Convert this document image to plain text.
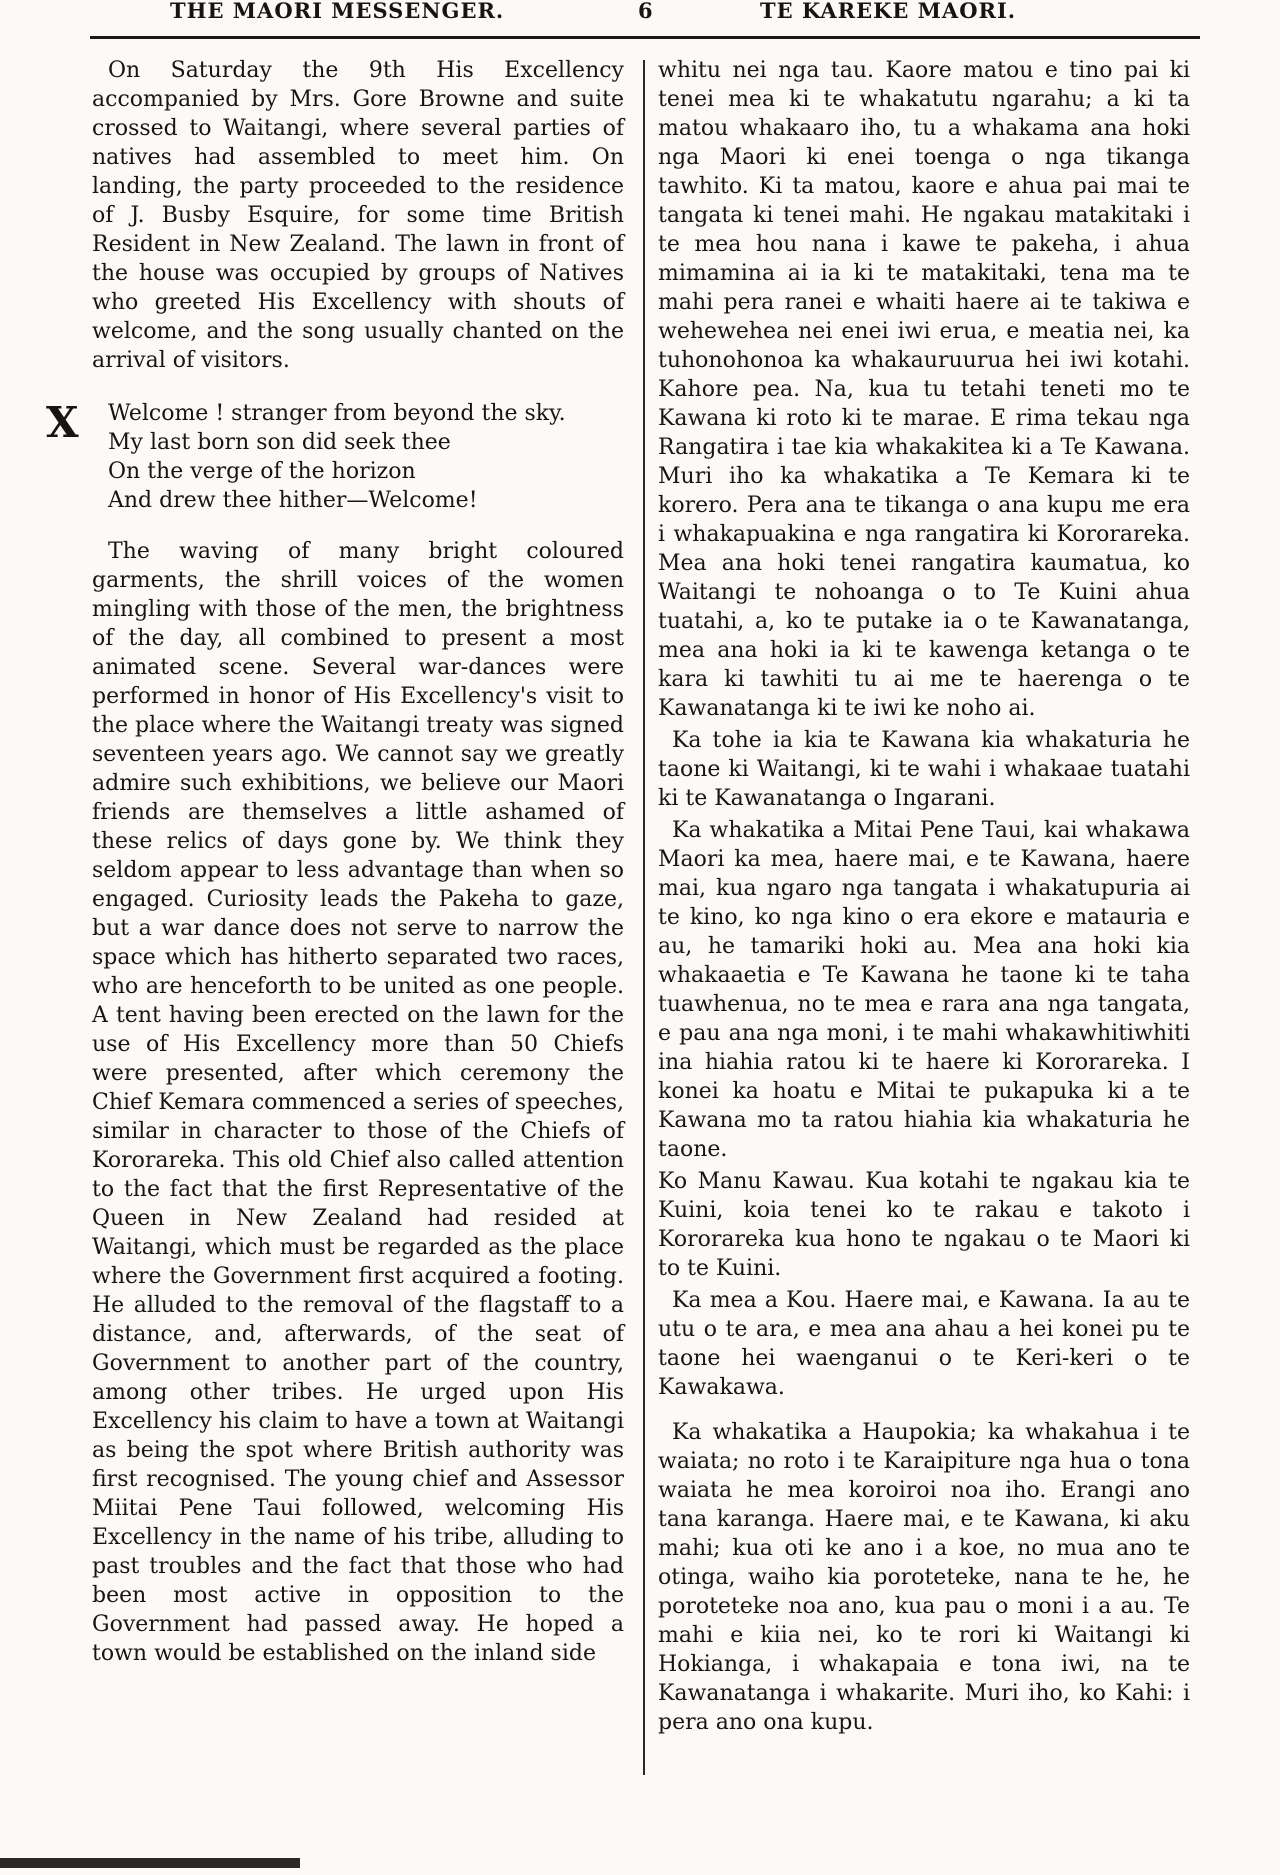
THE MAORI MESSENGER.	6	TE KAREKE MAORI.
X

On Saturday the 9th His Excellency accompanied by Mrs. Gore Browne and suite crossed to Waitangi, where several parties of natives had assembled to meet him. On landing, the party proceeded to the residence of J. Busby Esquire, for some time British Resident in New Zealand. The lawn in front of the house was occupied by groups of Natives who greeted His Excellency with shouts of welcome, and the song usually chanted on the arrival of visitors.

Welcome ! stranger from beyond the sky.
My last born son did seek thee
On the verge of the horizon
And drew thee hither—Welcome!

The waving of many bright coloured garments, the shrill voices of the women mingling with those of the men, the brightness of the day, all combined to present a most animated scene. Several war-dances were performed in honor of His Excellency's visit to the place where the Waitangi treaty was signed seventeen years ago. We cannot say we greatly admire such exhibitions, we believe our Maori friends are themselves a little ashamed of these relics of days gone by. We think they seldom appear to less advantage than when so engaged. Curiosity leads the Pakeha to gaze, but a war dance does not serve to narrow the space which has hitherto separated two races, who are henceforth to be united as one people. A tent having been erected on the lawn for the use of His Excellency more than 50 Chiefs were presented, after which ceremony the Chief Kemara commenced a series of speeches, similar in character to those of the Chiefs of Kororareka. This old Chief also called attention to the fact that the first Representative of the Queen in New Zealand had resided at Waitangi, which must be regarded as the place where the Government first acquired a footing. He alluded to the removal of the flagstaff to a distance, and, afterwards, of the seat of Government to another part of the country, among other tribes. He urged upon His Excellency his claim to have a town at Waitangi as being the spot where British authority was first recognised. The young chief and Assessor Miitai Pene Taui followed, welcoming His Excellency in the name of his tribe, alluding to past troubles and the fact that those who had been most active in opposition to the Government had passed away. He hoped a town would be established on the inland side

whitu nei nga tau. Kaore matou e tino pai ki tenei mea ki te whakatutu ngarahu; a ki ta matou whakaaro iho, tu a whakama ana hoki nga Maori ki enei toenga o nga tikanga tawhito. Ki ta matou, kaore e ahua pai mai te tangata ki tenei mahi. He ngakau matakitaki i te mea hou nana i kawe te pakeha, i ahua mimamina ai ia ki te matakitaki, tena ma te mahi pera ranei e whaiti haere ai te takiwa e wehewehea nei enei iwi erua, e meatia nei, ka tuhonohonoa ka whakauruurua hei iwi kotahi. Kahore pea. Na, kua tu tetahi teneti mo te Kawana ki roto ki te marae. E rima tekau nga Rangatira i tae kia whakakitea ki a Te Kawana. Muri iho ka whakatika a Te Kemara ki te korero. Pera ana te tikanga o ana kupu me era i whakapuakina e nga rangatira ki Kororareka. Mea ana hoki tenei rangatira kaumatua, ko Waitangi te nohoanga o to Te Kuini ahua tuatahi, a, ko te putake ia o te Kawanatanga, mea ana hoki ia ki te kawenga ketanga o te kara ki tawhiti tu ai me te haerenga o te Kawanatanga ki te iwi ke noho ai.

Ka tohe ia kia te Kawana kia whakaturia he taone ki Waitangi, ki te wahi i whakaae tuatahi ki te Kawanatanga o Ingarani.

Ka whakatika a Mitai Pene Taui, kai whakawa Maori ka mea, haere mai, e te Kawana, haere mai, kua ngaro nga tangata i whakatupuria ai te kino, ko nga kino o era ekore e matauria e au, he tamariki hoki au. Mea ana hoki kia whakaaetia e Te Kawana he taone ki te taha tuawhenua, no te mea e rara ana nga tangata, e pau ana nga moni, i te mahi whakawhitiwhiti ina hiahia ratou ki te haere ki Kororareka. I konei ka hoatu e Mitai te pukapuka ki a te Kawana mo ta ratou hiahia kia whakaturia he taone.

Ko Manu Kawau. Kua kotahi te ngakau kia te Kuini, koia tenei ko te rakau e takoto i Kororareka kua hono te ngakau o te Maori ki to te Kuini.

Ka mea a Kou. Haere mai, e Kawana. Ia au te utu o te ara, e mea ana ahau a hei konei pu te taone hei waenganui o te Keri-keri o te Kawakawa.

Ka whakatika a Haupokia; ka whakahua i te waiata; no roto i te Karaipiture nga hua o tona waiata he mea koroiroi noa iho. Erangi ano tana karanga. Haere mai, e te Kawana, ki aku mahi; kua oti ke ano i a koe, no mua ano te otinga, waiho kia poroteteke, nana te he, he poroteteke noa ano, kua pau o moni i a au. Te mahi e kiia nei, ko te rori ki Waitangi ki Hokianga, i whakapaia e tona iwi, na te Kawanatanga i whakarite. Muri iho, ko Kahi: i pera ano ona kupu.
